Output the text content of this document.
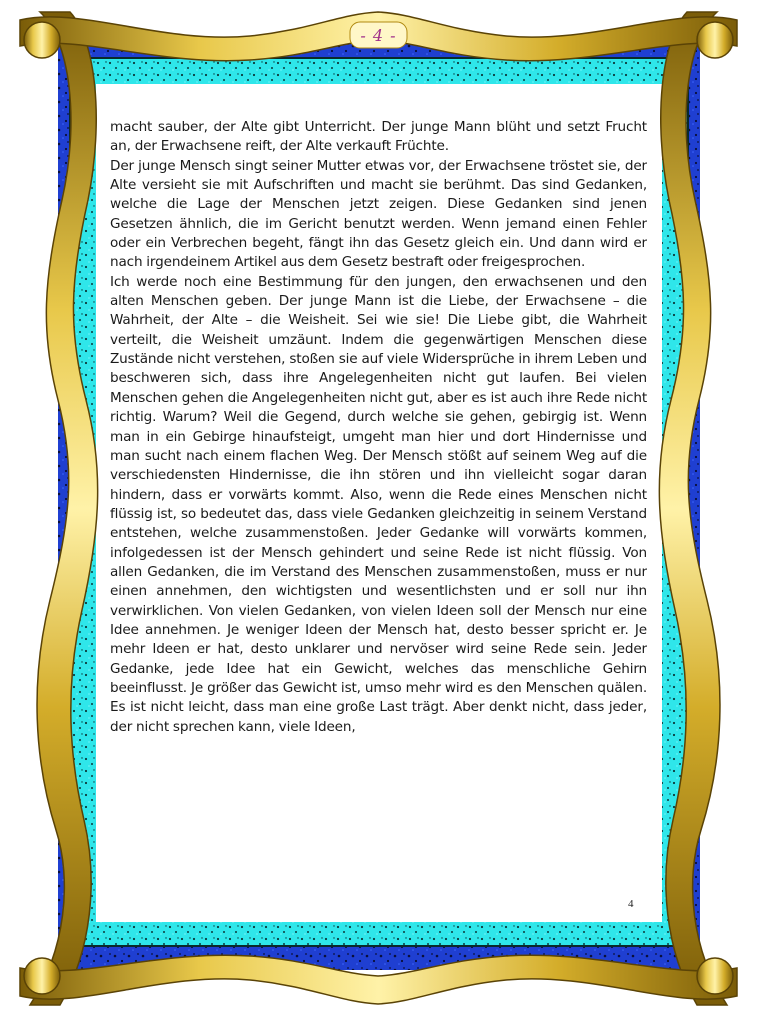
- 4 -

macht sauber, der Alte gibt Unterricht. Der junge Mann blüht und setzt Frucht an, der Erwachsene reift, der Alte verkauft Früchte.

Der junge Mensch singt seiner Mutter etwas vor, der Erwachsene tröstet sie, der Alte versieht sie mit Aufschriften und macht sie berühmt. Das sind Gedanken, welche die Lage der Menschen jetzt zeigen. Diese Gedanken sind jenen Gesetzen ähnlich, die im Gericht benutzt werden. Wenn jemand einen Fehler oder ein Verbrechen begeht, fängt ihn das Gesetz gleich ein. Und dann wird er nach irgendeinem Artikel aus dem Gesetz bestraft oder freigesprochen.

Ich werde noch eine Bestimmung für den jungen, den erwachsenen und den alten Menschen geben. Der junge Mann ist die Liebe, der Erwachsene – die Wahrheit, der Alte – die Weisheit. Sei wie sie! Die Liebe gibt, die Wahrheit verteilt, die Weisheit umzäunt. Indem die gegenwärtigen Menschen diese Zustände nicht verstehen, stoßen sie auf viele Widersprüche in ihrem Leben und beschweren sich, dass ihre Angelegenheiten nicht gut laufen. Bei vielen Menschen gehen die Angelegenheiten nicht gut, aber es ist auch ihre Rede nicht richtig. Warum? Weil die Gegend, durch welche sie gehen, gebirgig ist. Wenn man in ein Gebirge hinaufsteigt, umgeht man hier und dort Hindernisse und man sucht nach einem flachen Weg. Der Mensch stößt auf seinem Weg auf die verschiedensten Hindernisse, die ihn stören und ihn vielleicht sogar daran hindern, dass er vorwärts kommt. Also, wenn die Rede eines Menschen nicht flüssig ist, so bedeutet das, dass viele Gedanken gleichzeitig in seinem Verstand entstehen, welche zusammenstoßen. Jeder Gedanke will vorwärts kommen, infolgedessen ist der Mensch gehindert und seine Rede ist nicht flüssig. Von allen Gedanken, die im Verstand des Menschen zusammenstoßen, muss er nur einen annehmen, den wichtigsten und wesentlichsten und er soll nur ihn verwirklichen. Von vielen Gedanken, von vielen Ideen soll der Mensch nur eine Idee annehmen. Je weniger Ideen der Mensch hat, desto besser spricht er. Je mehr Ideen er hat, desto unklarer und nervöser wird seine Rede sein. Jeder Gedanke, jede Idee hat ein Gewicht, welches das menschliche Gehirn beeinflusst. Je größer das Gewicht ist, umso mehr wird es den Menschen quälen. Es ist nicht leicht, dass man eine große Last trägt. Aber denkt nicht, dass jeder, der nicht sprechen kann, viele Ideen,

4
